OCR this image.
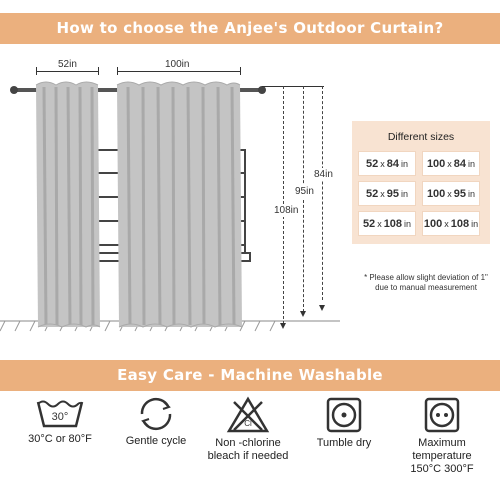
How to choose the Anjee's Outdoor Curtain?
52in	100in
108in
95in
84in
Different sizes
52 x 84 in 100 x 84 in
52 x 95 in 100 x 95 in
52 x 108 in 100 x 108 in
* Please allow slight deviation of 1"
due to manual measurement
Easy Care - Machine Washable
30°
30°C or 80°F	Gentle cycle
Cl
Non -chlorine
bleach if needed
Tumble dry	Maximum
temperature
150°C 300°F
